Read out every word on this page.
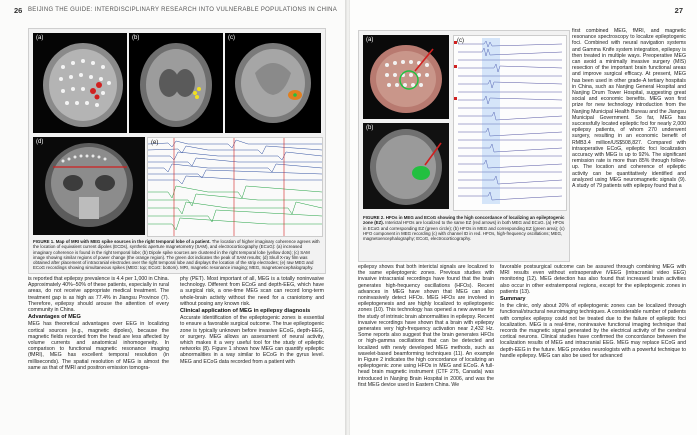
26 BEIJING THE GUIDE: INTERDISCIPLINARY RESEARCH INTO VULNERABLE POPULATIONS IN CHINA
(a)	(b)	(c)
(d)	(e)
FIGURE 1. Map of MRI with MEG spike sources in the right temporal lobe of a patient. The location of higher imaginary coherence agrees with the location of equivalent current dipoles (ECDs), synthetic aperture magnetometry (SAM), and electrocorticography (ECoG): (a) increased imaginary coherence is found in the right temporal lobe; (b) Dipole spike sources are clustered in the right temporal lobe (yellow dots); (c) SAM image showing similar regions of power change (the orange region). The green dot indicates the peak of SAM results; (d) Skull X-ray film was obtained after placement of intracranial electrodes over the right temporal lobe and displays the location of the strip electrodes; (e) raw MEG and ECoG recordings showing simultaneous spikes (MEG: top; ECoG: bottom). MRI, magnetic resonance imaging; MEG, magnetoencephalography.

is reported that epilepsy prevalence is 4.4 per 1,000 in China. Approximately 40%–50% of these patients, especially in rural areas, do not receive appropriate medical treatment. The treatment gap is as high as 77.4% in Jiangsu Province (7). Therefore, epilepsy should arouse the attention of every community in China.

Advantages of MEG

MEG has theoretical advantages over EEG in localizing cortical sources (e.g., magnetic dipoles), because the magnetic fields recorded from the head are less affected by volume currents and anatomical inhomogeneity. In comparison to functional magnetic resonance imaging (fMRI), MEG has excellent temporal resolution (in milliseconds). The spatial resolution of MEG is almost the same as that of fMRI and positron emission tomogra-

phy (PET). Most important of all, MEG is a totally noninvasive technology. Different from ECoG and depth-EEG, which have a surgical risk, a one-time MEG scan can record long-term whole-brain activity without the need for a craniotomy and without posing any known risk.

Clinical application of MEG in epilepsy diagnosis

Accurate identification of the epileptogenic zones is essential to ensure a favorable surgical outcome. The true epileptogenic zone is typically unknown before invasive ECoG, depth-EEG, or surgery. MEG allows an assessment of neural activity, which makes it a very useful tool for the study of epileptic networks (8). Figure 1 shows how MEG can quantify epileptic abnormalities in a way similar to ECoG in the gyrus level. MEG and ECoG data recorded from a patient with

27
(a)
(b)
(c)
FIGURE 2. HFOs in MEG and ECoG showing the high concordance of localizing an epileptogenic zone (EZ). Interictal HFOs are localized to the same EZ (red arrows) in both MEG and ECoG. (a) HFOs in ECoG and corresponding EZ (green circle); (b) HFOs in MEG and corresponding EZ (green area); (c) HFO component in MEG recording (c) with channel ID in red. HFOs, high-frequency oscillations; MEG, magnetoencephalography; ECoG, electrocorticography.

first combined MEG, fMRI, and magnetic resonance spectroscopy to localize epileptogenic foci. Combined with neural navigation systems and Gamma Knife system integration, epilepsy is then treated in multiple ways. Preoperative MEG can avoid a minimally invasive surgery (MIS) resection of the important brain functional areas and improve surgical efficacy. At present, MEG has been used in other grade-A tertiary hospitals in China, such as Nanjing General Hospital and Nanjing Drum Tower Hospital, suggesting great social and economic benefits. MEG won first prize for new technology introduction from the Nanjing Municipal Health Bureau and the Jiangsu Municipal Government. So far, MEG has successfully located epileptic foci for nearly 2,000 epilepsy patients, of whom 270 underwent surgery, resulting in an economic benefit of RMB3.4 million/US$508,827. Compared with intraoperative ECoG, epileptic foci localization accuracy with MEG is up to 92%. The significant remission rate is more than 85% through follow-up. The location and coherence of epileptic activity can be quantitatively identified and analyzed using MEG neuromagnetic signals (9). A study of 79 patients with epilepsy found that a

epilepsy shows that both interictal signals are localized to the same epileptogenic zones. Previous studies with invasive intracranial recordings have found that the brain generates high-frequency oscillations (HFOs). Recent advances in MEG have shown that MEG can also noninvasively detect HFOs. MEG HFOs are involved in epileptogenesis and are highly localized to epileptogenic zones (10). This technology has opened a new avenue for the study of intrinsic brain abnormalities in epilepsy. Recent invasive recordings have shown that a brain with epilepsy generates very high-frequency activation near 2,432 Hz. Some reports also suggest that the brain generates HFOs or high-gamma oscillations that can be detected and localized with newly developed MEG methods, such as wavelet-based beamforming techniques (11). An example in Figure 2 indicates the high concordance of localizing an epileptogenic zone using HFOs in MEG and ECoG. A full-head brain magnetic instrument (CTF 275, Canada) was introduced in Nanjing Brain Hospital in 2006, and was the first MEG device used in Eastern China. We

favorable postsurgical outcome can be assured through combining MEG with MRI results even without extraoperative iVEEG (intracranial video EEG) monitoring (12). MEG detection has also found that increased brain activities also occur in other extratemporal regions, except for the epileptogenic zones in patients (13).

Summary

In the clinic, only about 20% of epileptogenic zones can be localized through functional/structural neuroimaging techniques. A considerable number of patients with complex epilepsy could not be treated due to the failure of epileptic foci localization. MEG is a real-time, noninvasive functional imaging technique that records the magnetic signal generated by the electrical activity of the cerebral cortical neurons. Clinical studies have confirmed the concordance between the localization results of MEG and intracranial EEG. MEG may replace ECoG and depth-EEG in the future. MEG provides neurologists with a powerful technique to handle epilepsy. MEG can also be used for advanced
